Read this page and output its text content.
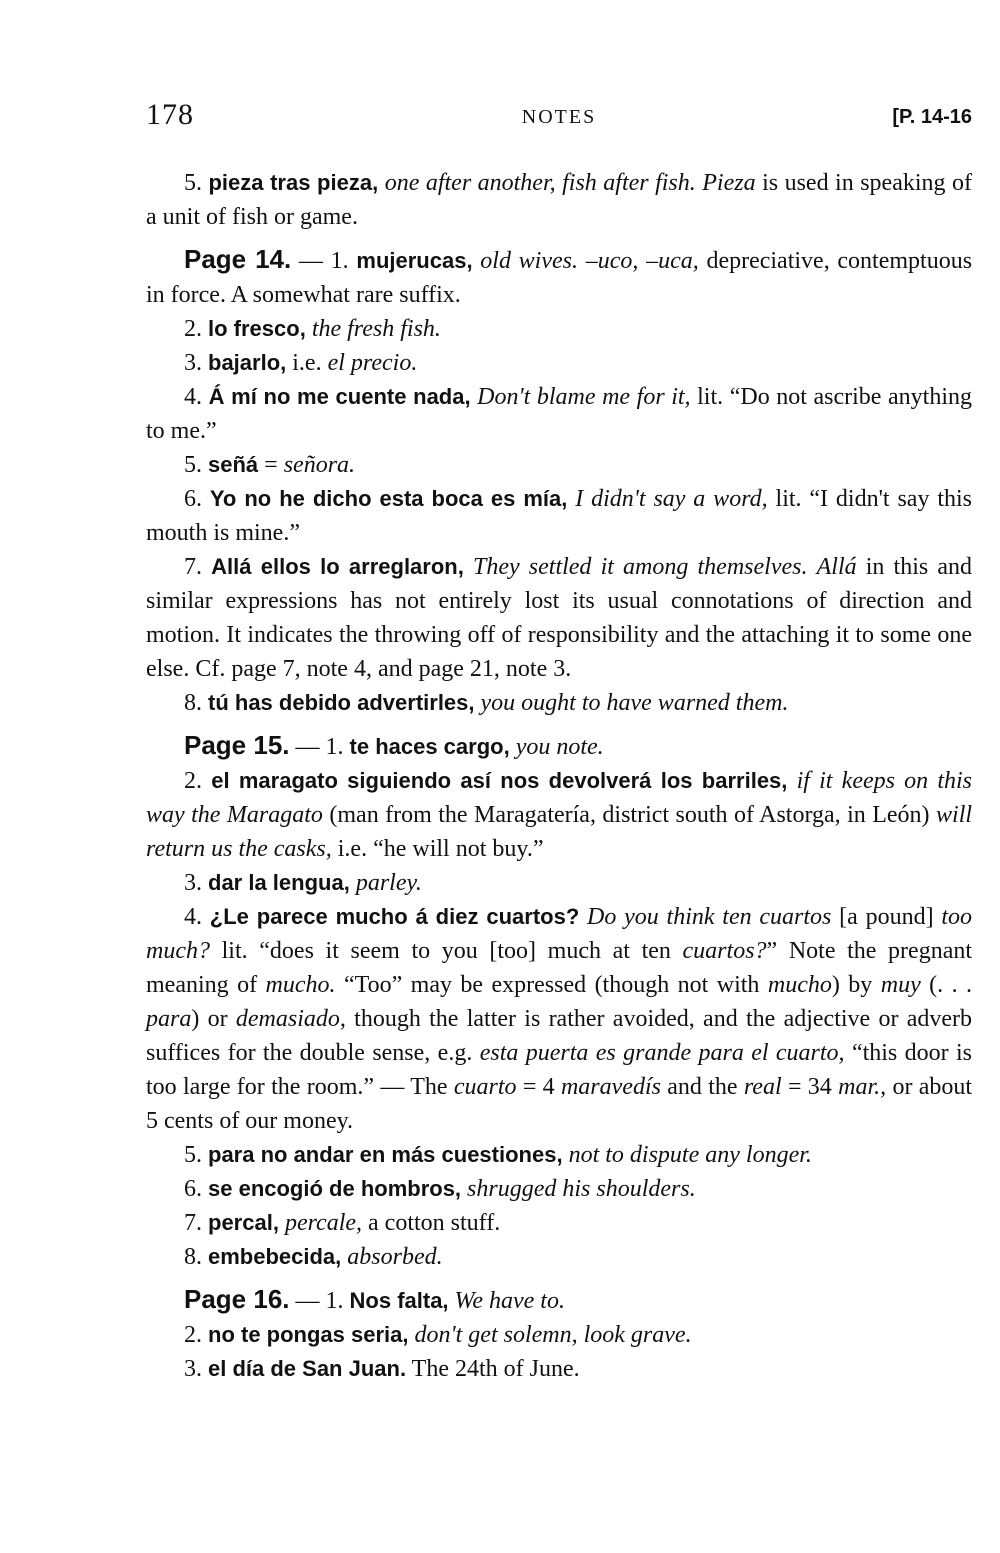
178	NOTES	[P. 14-16

5. pieza tras pieza, one after another, fish after fish. Pieza is used in speaking of a unit of fish or game.

Page 14. — 1. mujerucas, old wives. –uco, –uca, depreciative, contemptuous in force. A somewhat rare suffix.

2. lo fresco, the fresh fish.

3. bajarlo, i.e. el precio.

4. Á mí no me cuente nada, Don't blame me for it, lit. “Do not ascribe anything to me.”

5. señá = señora.

6. Yo no he dicho esta boca es mía, I didn't say a word, lit. “I didn't say this mouth is mine.”

7. Allá ellos lo arreglaron, They settled it among themselves. Allá in this and similar expressions has not entirely lost its usual connotations of direction and motion. It indicates the throwing off of responsibility and the attaching it to some one else. Cf. page 7, note 4, and page 21, note 3.

8. tú has debido advertirles, you ought to have warned them.

Page 15. — 1. te haces cargo, you note.

2. el maragato siguiendo así nos devolverá los barriles, if it keeps on this way the Maragato (man from the Maragatería, district south of Astorga, in León) will return us the casks, i.e. “he will not buy.”

3. dar la lengua, parley.

4. ¿Le parece mucho á diez cuartos? Do you think ten cuartos [a pound] too much? lit. “does it seem to you [too] much at ten cuartos?” Note the pregnant meaning of mucho. “Too” may be expressed (though not with mucho) by muy (. . . para) or demasiado, though the latter is rather avoided, and the adjective or adverb suffices for the double sense, e.g. esta puerta es grande para el cuarto, “this door is too large for the room.” — The cuarto = 4 maravedís and the real = 34 mar., or about 5 cents of our money.

5. para no andar en más cuestiones, not to dispute any longer.

6. se encogió de hombros, shrugged his shoulders.

7. percal, percale, a cotton stuff.

8. embebecida, absorbed.

Page 16. — 1. Nos falta, We have to.

2. no te pongas seria, don't get solemn, look grave.

3. el día de San Juan. The 24th of June.
